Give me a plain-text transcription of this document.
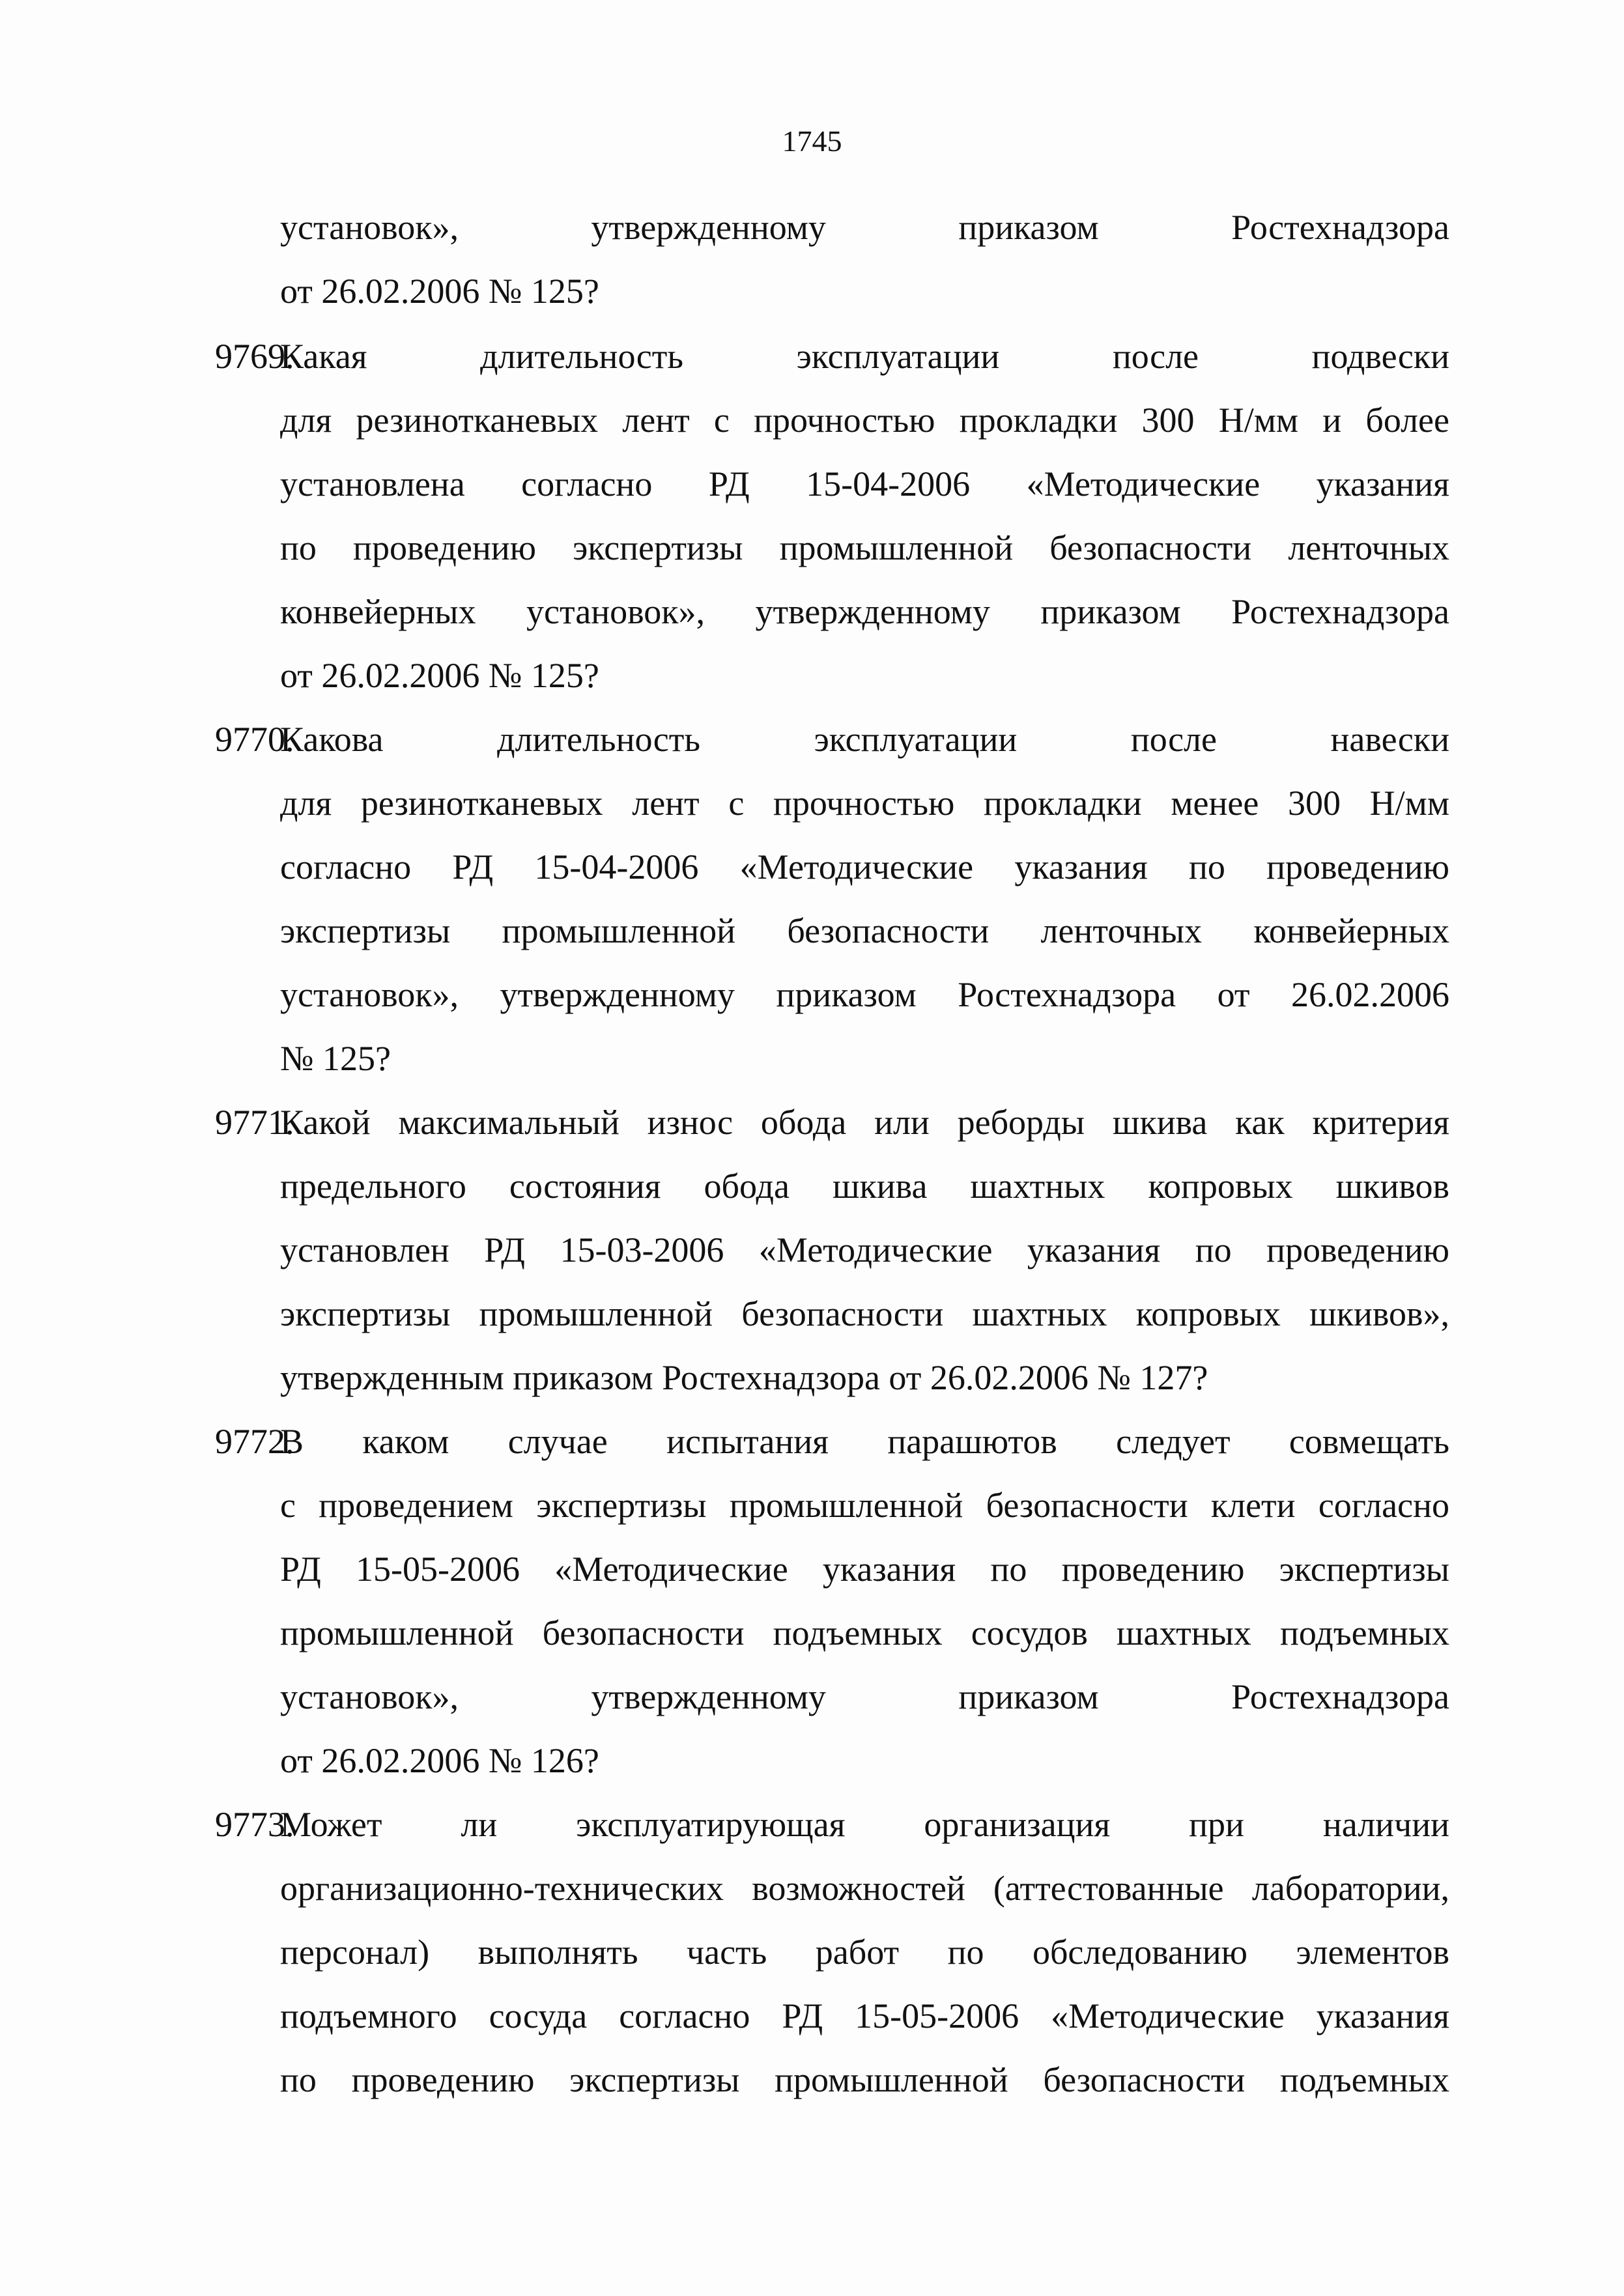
1745
установок», утвержденному приказом Ростехнадзора
от 26.02.2006 № 125?
9769.
Какая длительность эксплуатации после подвески
для резинотканевых лент с прочностью прокладки 300 Н/мм и более
установлена согласно РД 15-04-2006 «Методические указания
по проведению экспертизы промышленной безопасности ленточных
конвейерных установок», утвержденному приказом Ростехнадзора
от 26.02.2006 № 125?
9770.
Какова длительность эксплуатации после навески
для резинотканевых лент с прочностью прокладки менее 300 Н/мм
согласно РД 15-04-2006 «Методические указания по проведению
экспертизы промышленной безопасности ленточных конвейерных
установок», утвержденному приказом Ростехнадзора от 26.02.2006
№ 125?
9771.
Какой максимальный износ обода или реборды шкива как критерия
предельного состояния обода шкива шахтных копровых шкивов
установлен РД 15-03-2006 «Методические указания по проведению
экспертизы промышленной безопасности шахтных копровых шкивов»,
утвержденным приказом Ростехнадзора от 26.02.2006 № 127?
9772.
В каком случае испытания парашютов следует совмещать
с проведением экспертизы промышленной безопасности клети согласно
РД 15-05-2006 «Методические указания по проведению экспертизы
промышленной безопасности подъемных сосудов шахтных подъемных
установок», утвержденному приказом Ростехнадзора
от 26.02.2006 № 126?
9773.
Может ли эксплуатирующая организация при наличии
организационно-технических возможностей (аттестованные лаборатории,
персонал) выполнять часть работ по обследованию элементов
подъемного сосуда согласно РД 15-05-2006 «Методические указания
по проведению экспертизы промышленной безопасности подъемных
